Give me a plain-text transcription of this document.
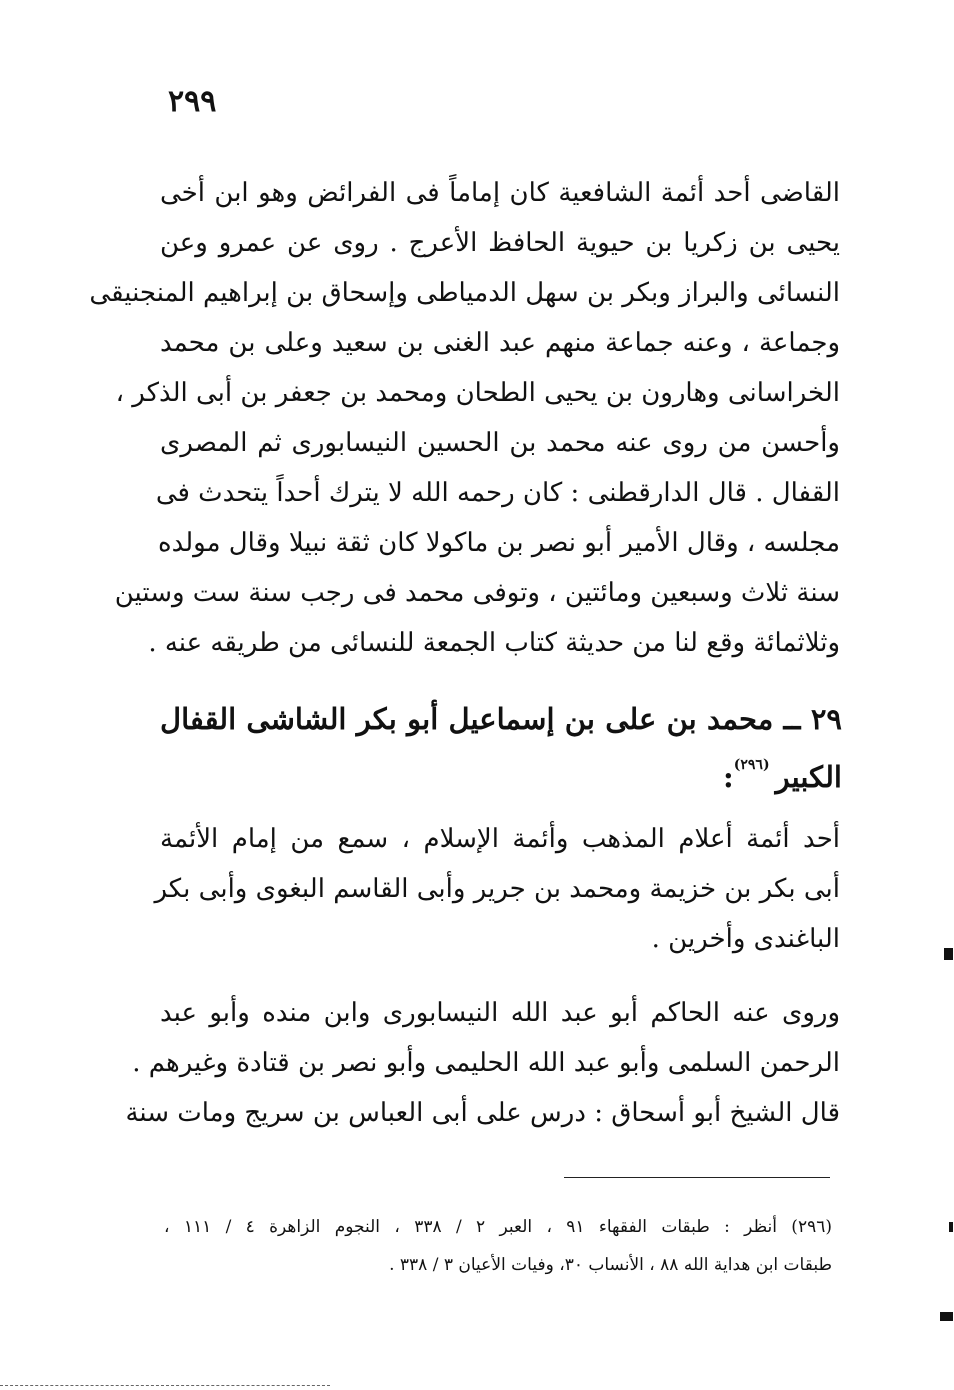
٢٩٩
القاضى أحد أئمة الشافعية كان إماماً فى الفرائض وهو ابن أخى
يحيى بن زكريا بن حيوية الحافظ الأعرج . روى عن عمرو وعن
النسائى والبراز وبكر بن سهل الدمياطى وإسحاق بن إبراهيم المنجنيقى
وجماعة ، وعنه جماعة منهم عبد الغنى بن سعيد وعلى بن محمد
الخراسانى وهارون بن يحيى الطحان ومحمد بن جعفر بن أبى الذكر ،
وأحسن من روى عنه محمد بن الحسين النيسابورى ثم المصرى
القفال . قال الدارقطنى : كان رحمه الله لا يترك أحداً يتحدث فى
مجلسه ، وقال الأمير أبو نصر بن ماكولا كان ثقة نبيلا وقال مولده
سنة ثلاث وسبعين ومائتين ، وتوفى محمد فى رجب سنة ست وستين
وثلاثمائة وقع لنا من حديثة كتاب الجمعة للنسائى من طريقه عنه .
٢٩ ــ محمد بن على بن إسماعيل أبو بكر الشاشى القفال
الكبير$^{(٢٩٦)}$:
أحد أئمة أعلام المذهب وأئمة الإسلام ، سمع من إمام الأئمة
أبى بكر بن خزيمة ومحمد بن جرير وأبى القاسم البغوى وأبى بكر
الباغندى وأخرين .
وروى عنه الحاكم أبو عبد الله النيسابورى وابن منده وأبو عبد
الرحمن السلمى وأبو عبد الله الحليمى وأبو نصر بن قتادة وغيرهم .
قال الشيخ أبو أسحاق : درس على أبى العباس بن سريج ومات سنة
(٢٩٦) أنظر : طبقات الفقهاء ٩١ ، العبر ٢ / ٣٣٨ ، النجوم الزاهرة ٤ / ١١١ ،
طبقات ابن هداية الله ٨٨ ، الأنساب ٣٠، وفيات الأعيان ٣ / ٣٣٨ .
